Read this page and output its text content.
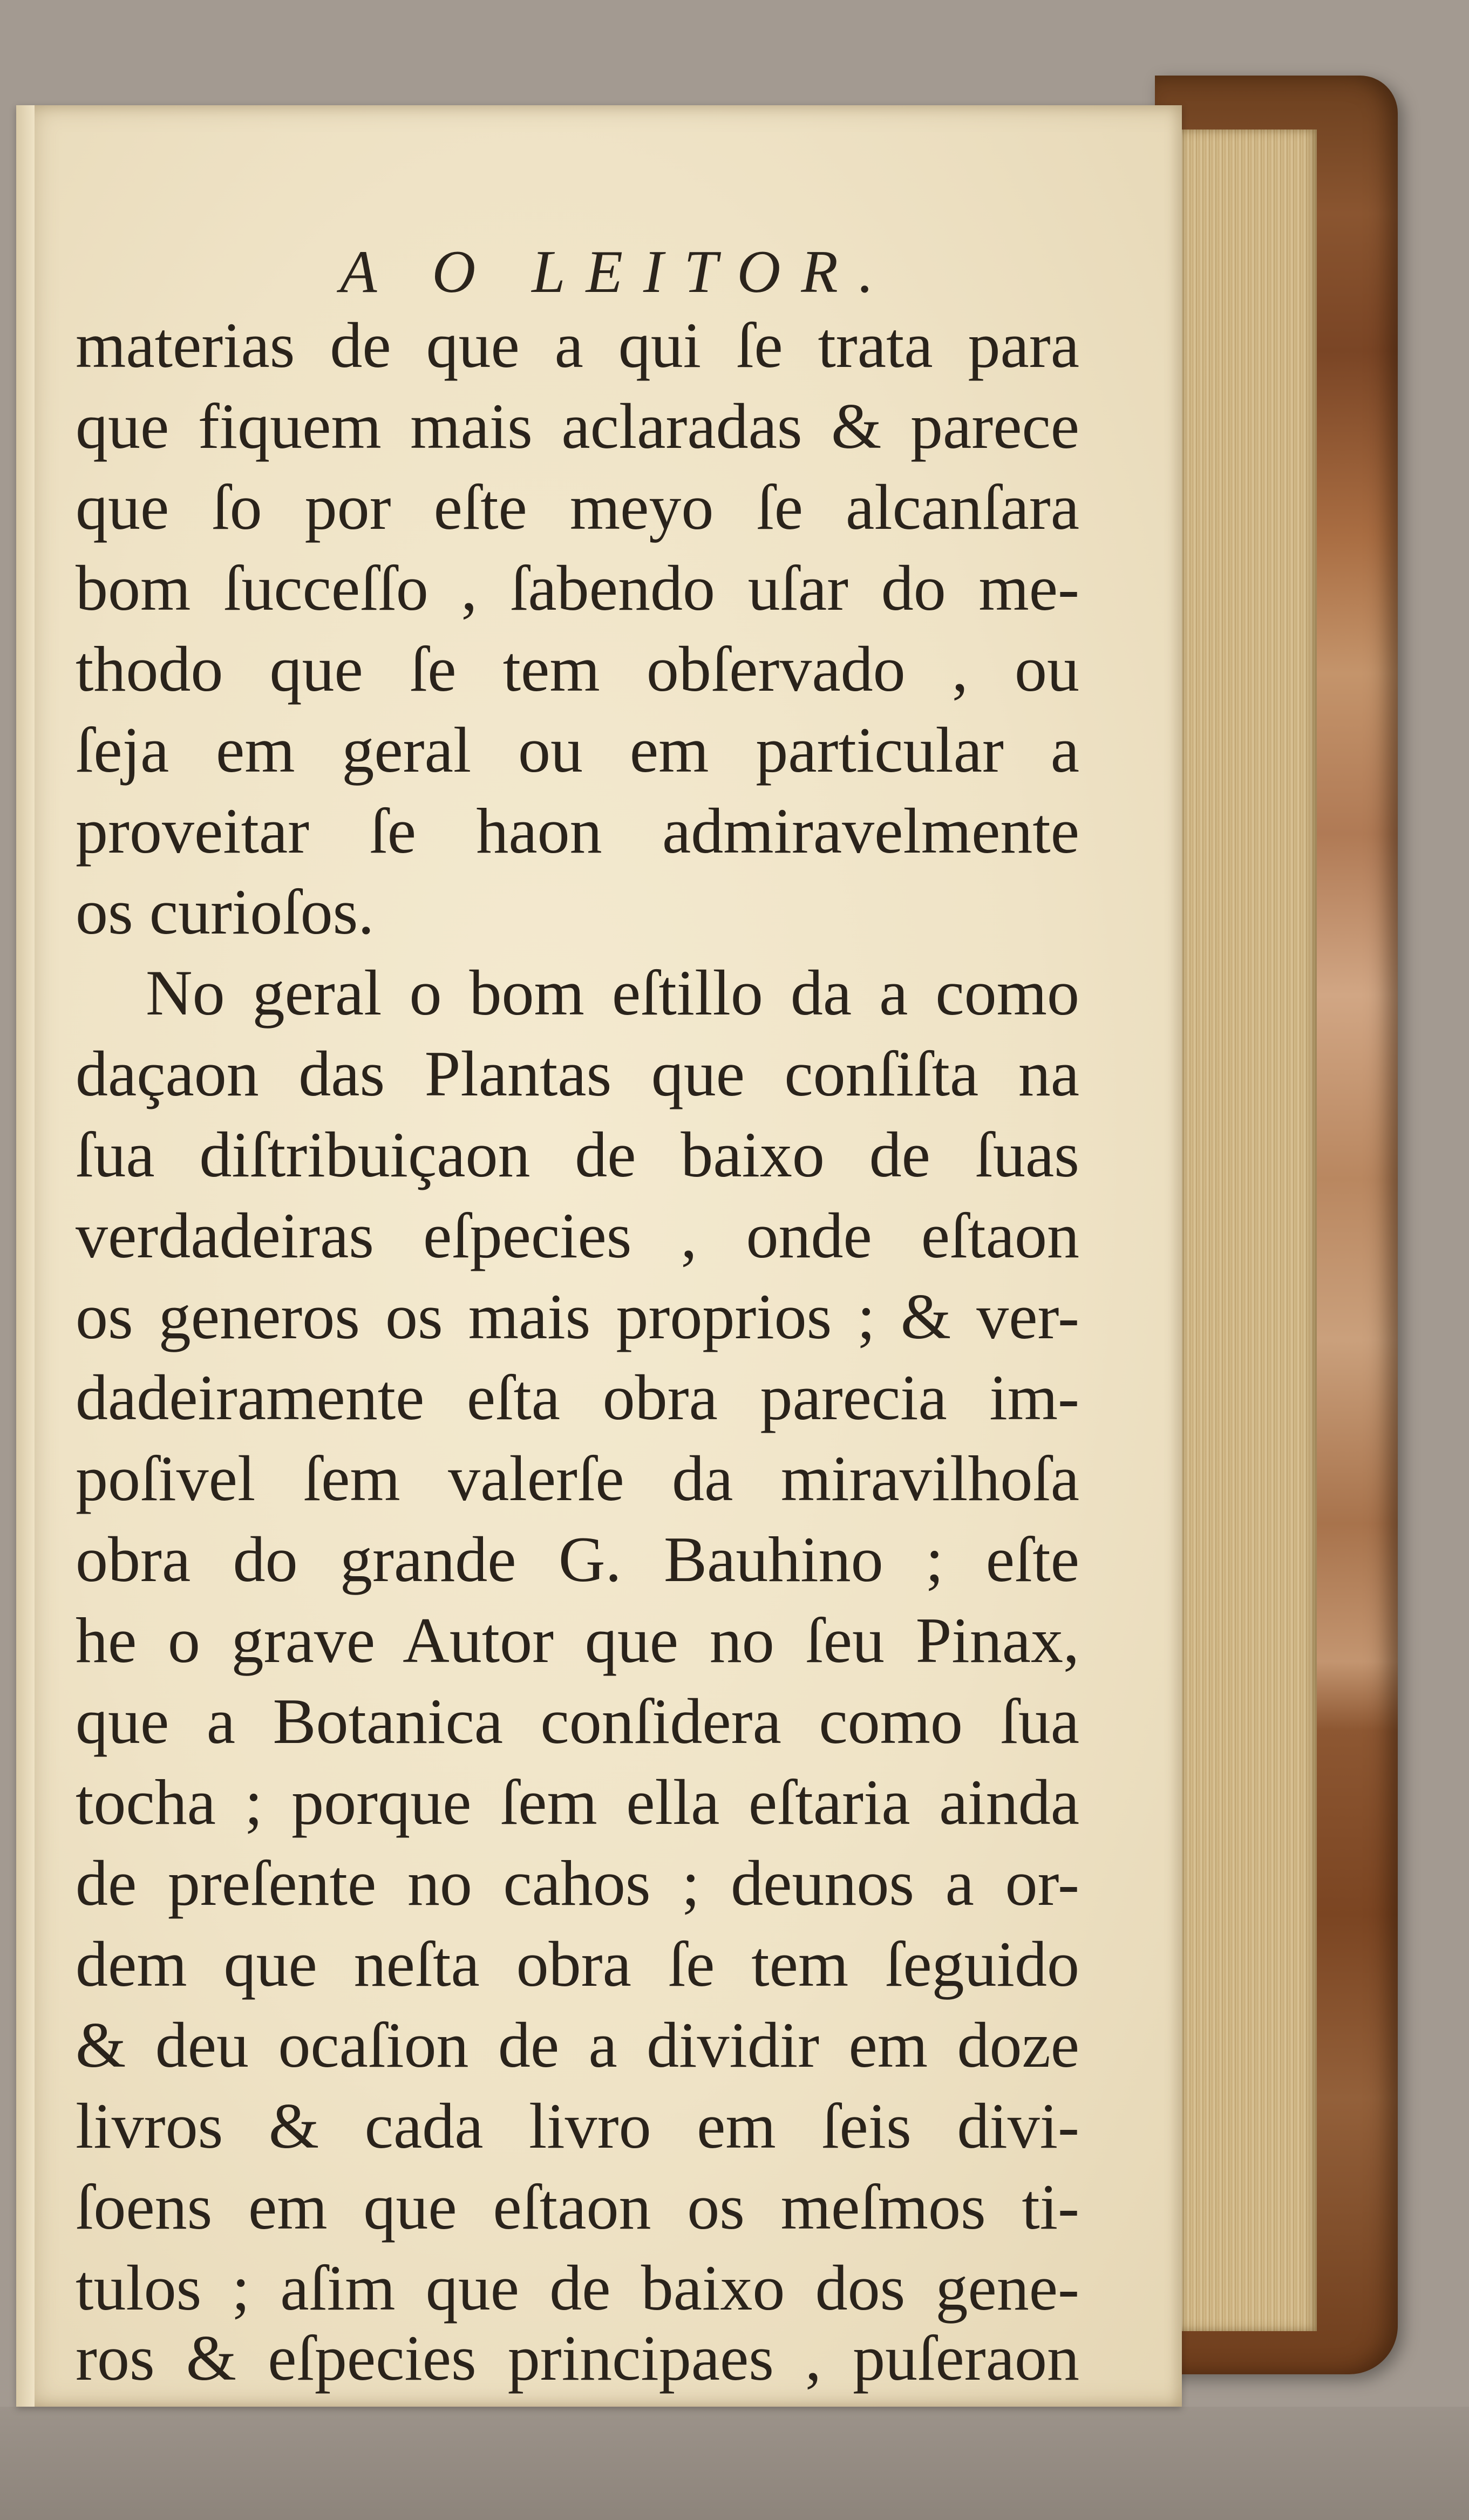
A O LEITOR.
materias de que a qui ſe trata para
que fiquem mais aclaradas & parece
que ſo por eſte meyo ſe alcanſara
bom ſucceſſo , ſabendo uſar do me-
thodo que ſe tem obſervado , ou
ſeja em geral ou em particular a
proveitar ſe haon admiravelmente
os curioſos.
No geral o bom eſtillo da a como
daçaon das Plantas que conſiſta na
ſua diſtribuiçaon de baixo de ſuas
verdadeiras eſpecies , onde eſtaon
os generos os mais proprios ; & ver-
dadeiramente eſta obra parecia im-
poſivel ſem valerſe da miravilhoſa
obra do grande G. Bauhino ; eſte
he o grave Autor que no ſeu Pinax,
que a Botanica conſidera como ſua
tocha ; porque ſem ella eſtaria ainda
de preſente no cahos ; deunos a or-
dem que neſta obra ſe tem ſeguido
& deu ocaſion de a dividir em doze
livros & cada livro em ſeis divi-
ſoens em que eſtaon os meſmos ti-
tulos ; aſim que de baixo dos gene-
ros & eſpecies principaes , puſeraon
